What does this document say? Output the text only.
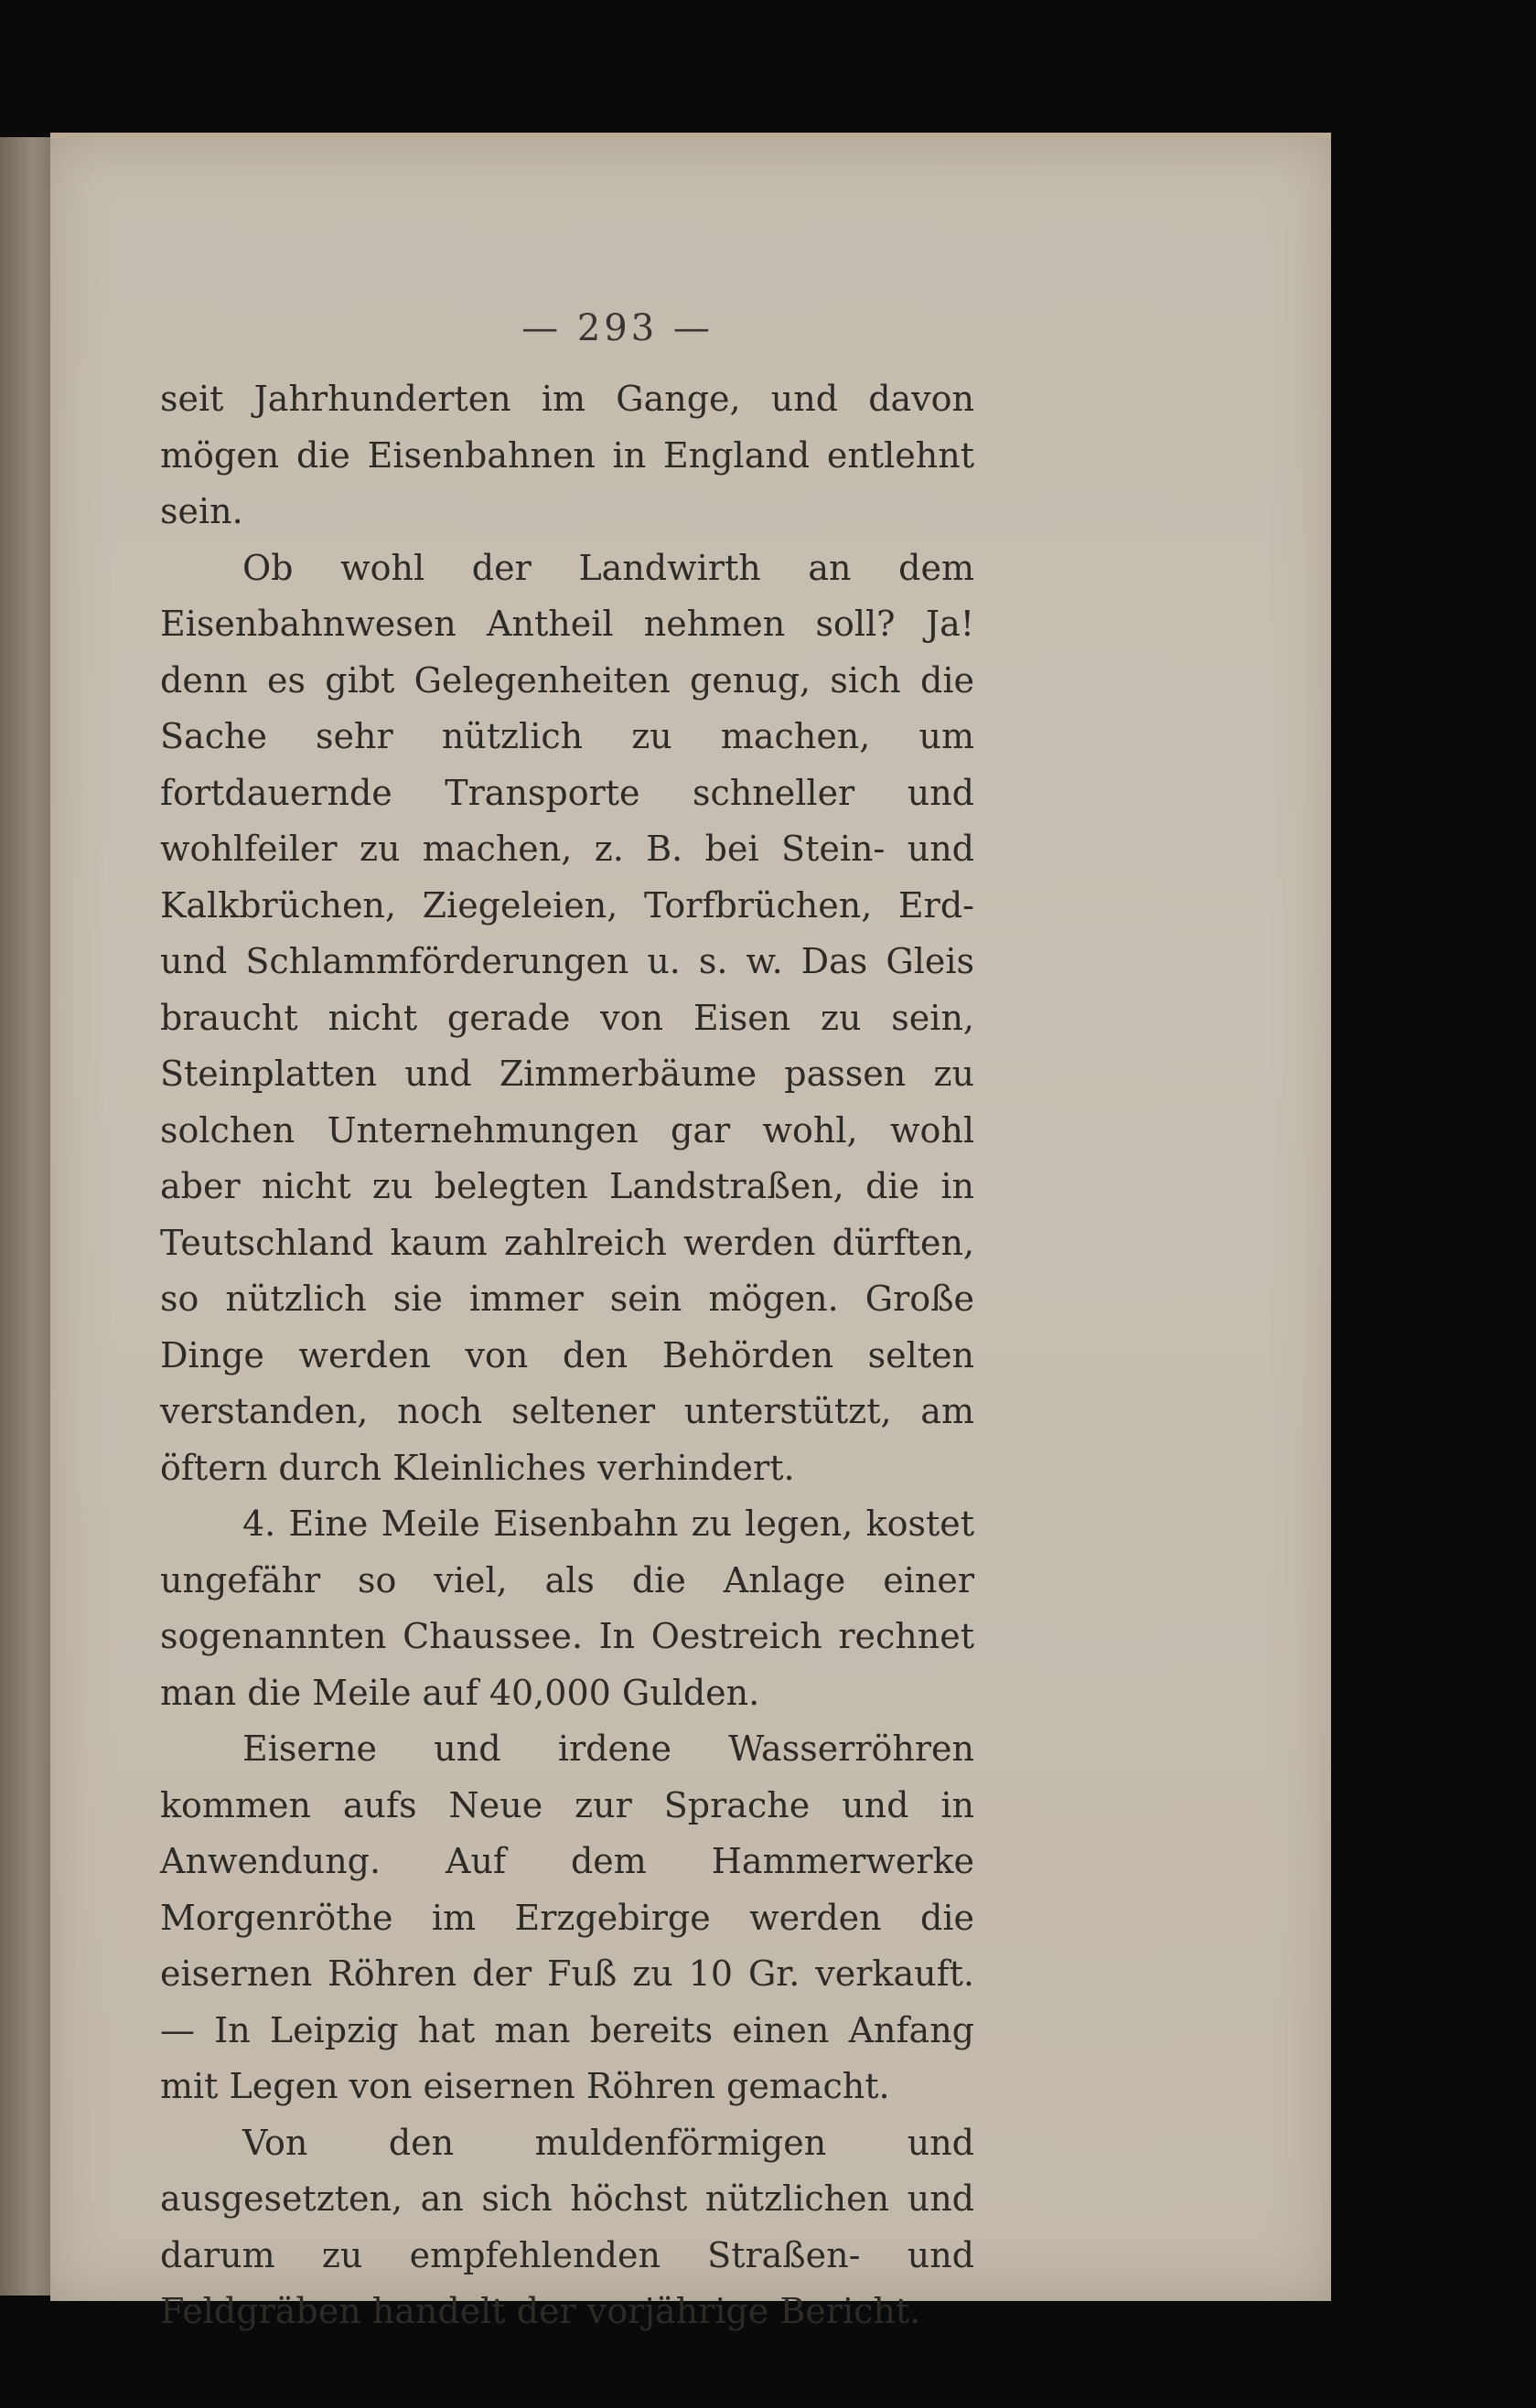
— 293 —

seit Jahrhunderten im Gange, und davon mögen die Eisenbahnen in England entlehnt sein.

Ob wohl der Landwirth an dem Eisenbahnwesen Antheil nehmen soll? Ja! denn es gibt Gelegenheiten genug, sich die Sache sehr nützlich zu machen, um fortdauernde Transporte schneller und wohlfeiler zu machen, z. B. bei Stein- und Kalkbrüchen, Ziegeleien, Torfbrüchen, Erd- und Schlammförderungen u. s. w. Das Gleis braucht nicht gerade von Eisen zu sein, Steinplatten und Zimmerbäume passen zu solchen Unternehmungen gar wohl, wohl aber nicht zu belegten Landstraßen, die in Teutschland kaum zahlreich werden dürften, so nützlich sie immer sein mögen. Große Dinge werden von den Behörden selten verstanden, noch seltener unterstützt, am öftern durch Kleinliches verhindert.

4. Eine Meile Eisenbahn zu legen, kostet ungefähr so viel, als die Anlage einer sogenannten Chaussee. In Oestreich rechnet man die Meile auf 40,000 Gulden.

Eiserne und irdene Wasserröhren kommen aufs Neue zur Sprache und in Anwendung. Auf dem Hammerwerke Morgenröthe im Erzgebirge werden die eisernen Röhren der Fuß zu 10 Gr. verkauft. — In Leipzig hat man bereits einen Anfang mit Legen von eisernen Röhren gemacht.

Von den muldenförmigen und ausgesetzten, an sich höchst nützlichen und darum zu empfehlenden Straßen- und Feldgräben handelt der vorjährige Bericht.
